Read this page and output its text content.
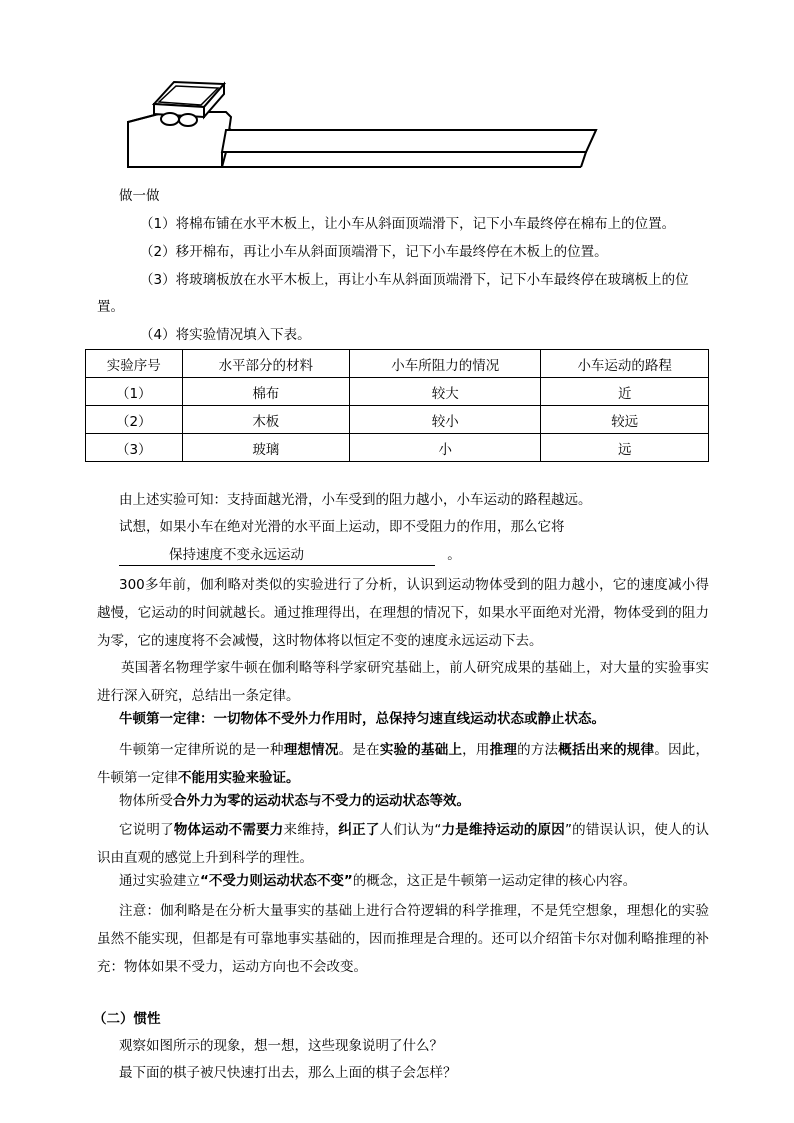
做一做
（1）将棉布铺在水平木板上，让小车从斜面顶端滑下，记下小车最终停在棉布上的位置。
（2）移开棉布，再让小车从斜面顶端滑下，记下小车最终停在木板上的位置。
（3）将玻璃板放在水平木板上，再让小车从斜面顶端滑下，记下小车最终停在玻璃板上的位
置。
（4）将实验情况填入下表。
实验序号	水平部分的材料	小车所阻力的情况	小车运动的路程
（1）	棉布	较大	近
（2）	木板	较小	较远
（3）	玻璃	小	远
由上述实验可知：支持面越光滑，小车受到的阻力越小，小车运动的路程越远。
试想，如果小车在绝对光滑的水平面上运动，即不受阻力的作用，那么它将
保持速度不变永远运动	。
300多年前，伽利略对类似的实验进行了分析，认识到运动物体受到的阻力越小，它的速度减小得越慢，它运动的时间就越长。通过推理得出，在理想的情况下，如果水平面绝对光滑，物体受到的阻力为零，它的速度将不会减慢，这时物体将以恒定不变的速度永远运动下去。
英国著名物理学家牛顿在伽利略等科学家研究基础上，前人研究成果的基础上，对大量的实验事实进行深入研究，总结出一条定律。
牛顿第一定律：一切物体不受外力作用时，总保持匀速直线运动状态或静止状态。
牛顿第一定律所说的是一种理想情况。是在实验的基础上，用推理的方法概括出来的规律。因此，牛顿第一定律不能用实验来验证。
物体所受合外力为零的运动状态与不受力的运动状态等效。
它说明了物体运动不需要力来维持，纠正了人们认为“力是维持运动的原因”的错误认识，使人的认识由直观的感觉上升到科学的理性。
通过实验建立“不受力则运动状态不变”的概念，这正是牛顿第一运动定律的核心内容。
注意：伽利略是在分析大量事实的基础上进行合符逻辑的科学推理，不是凭空想象，理想化的实验虽然不能实现，但都是有可靠地事实基础的，因而推理是合理的。还可以介绍笛卡尔对伽利略推理的补充：物体如果不受力，运动方向也不会改变。
（二）惯性
观察如图所示的现象，想一想，这些现象说明了什么？
最下面的棋子被尺快速打出去，那么上面的棋子会怎样？
